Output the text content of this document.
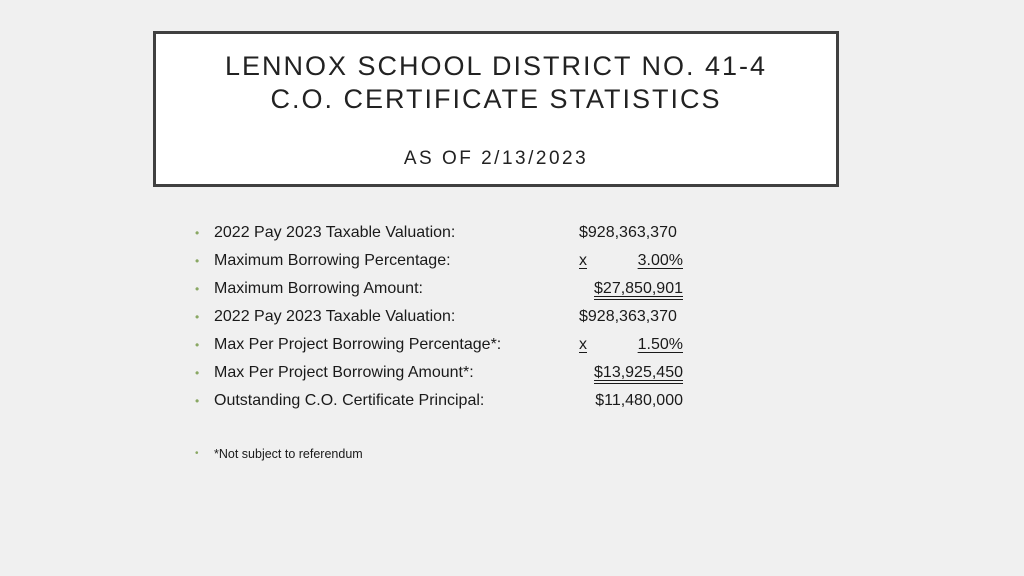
LENNOX SCHOOL DISTRICT NO. 41-4
C.O. CERTIFICATE STATISTICS
AS OF 2/13/2023
• 2022 Pay 2023 Taxable Valuation:	$928,363,370
• Maximum Borrowing Percentage:	x	3.00%
• Maximum Borrowing Amount:	$27,850,901
• 2022 Pay 2023 Taxable Valuation:	$928,363,370
• Max Per Project Borrowing Percentage*:	x	1.50%
• Max Per Project Borrowing Amount*:	$13,925,450
• Outstanding C.O. Certificate Principal:	$11,480,000
• *Not subject to referendum
